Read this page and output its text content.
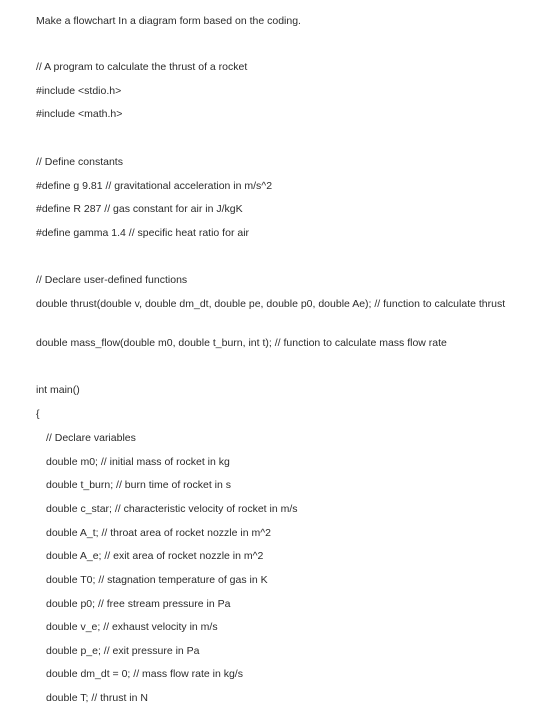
Make a flowchart In a diagram form based on the coding.
// A program to calculate the thrust of a rocket
#include <stdio.h>
#include <math.h>
// Define constants
#define g 9.81 // gravitational acceleration in m/s^2
#define R 287 // gas constant for air in J/kgK
#define gamma 1.4 // specific heat ratio for air
// Declare user-defined functions
double thrust(double v, double dm_dt, double pe, double p0, double Ae); // function to calculate thrust
double mass_flow(double m0, double t_burn, int t); // function to calculate mass flow rate
int main()
{
// Declare variables
double m0; // initial mass of rocket in kg
double t_burn; // burn time of rocket in s
double c_star; // characteristic velocity of rocket in m/s
double A_t; // throat area of rocket nozzle in m^2
double A_e; // exit area of rocket nozzle in m^2
double T0; // stagnation temperature of gas in K
double p0; // free stream pressure in Pa
double v_e; // exhaust velocity in m/s
double p_e; // exit pressure in Pa
double dm_dt = 0; // mass flow rate in kg/s
double T; // thrust in N
